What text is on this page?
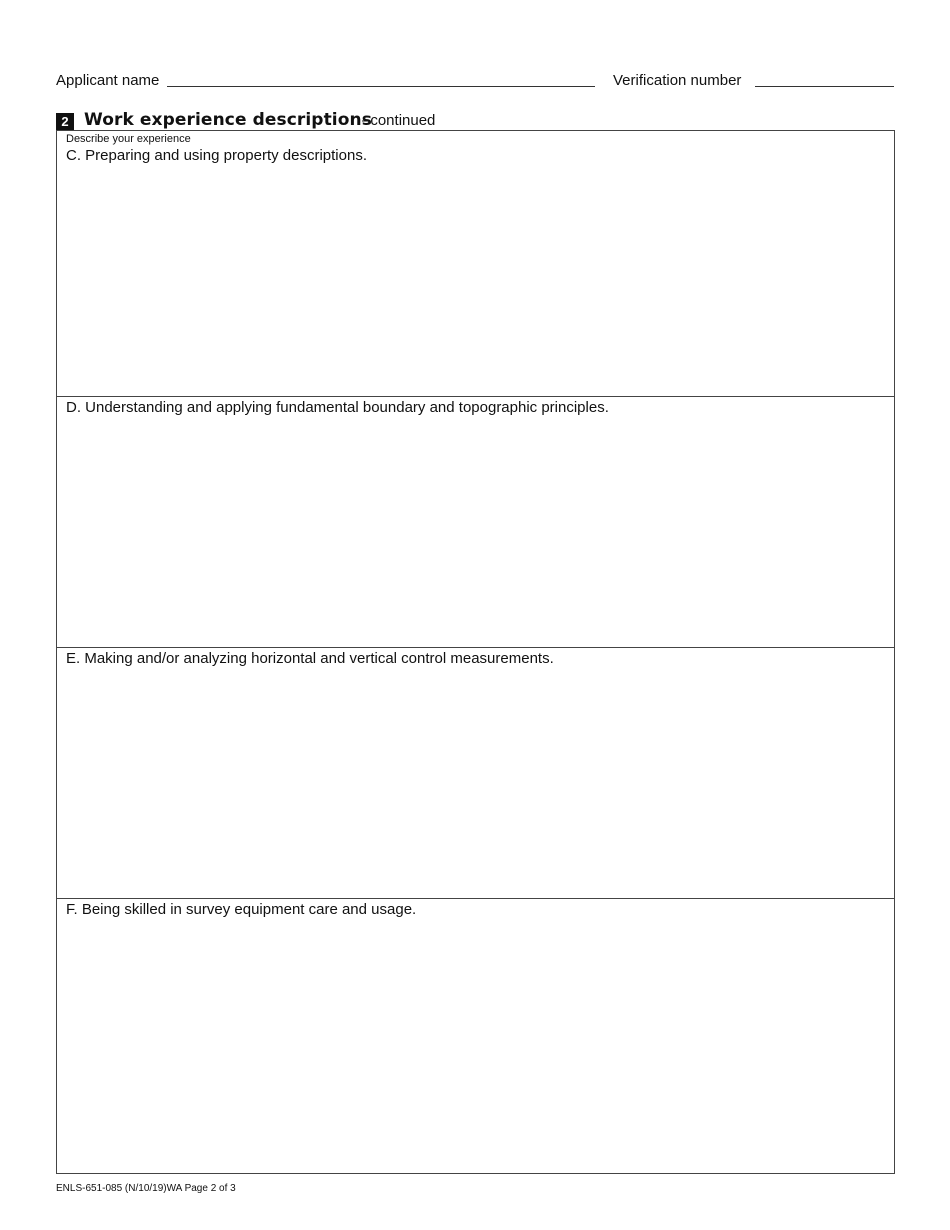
Applicant name	Verification number
2 Work experience descriptions
–continued
Describe your experience
C. Preparing and using property descriptions.
D. Understanding and applying fundamental boundary and topographic principles.
E. Making and/or analyzing horizontal and vertical control measurements.
F. Being skilled in survey equipment care and usage.
ENLS-651-085 (N/10/19)WA Page 2 of 3
